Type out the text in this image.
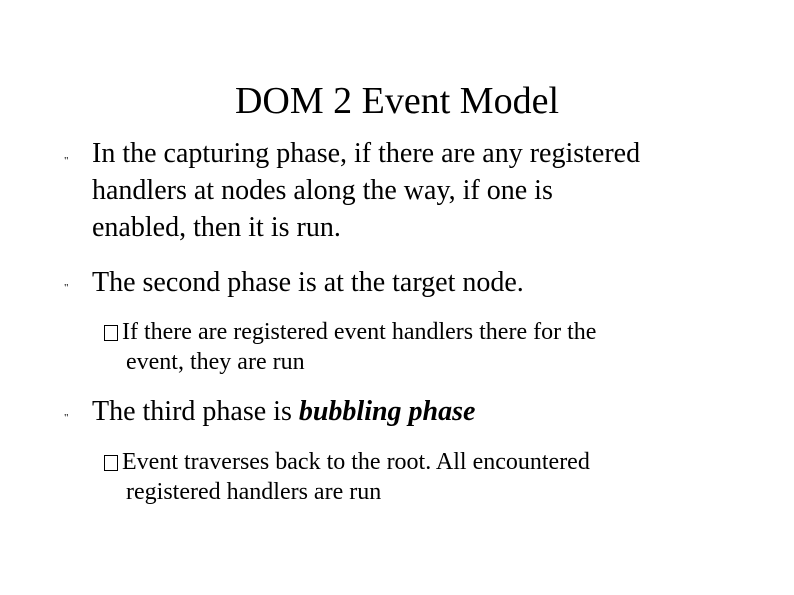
DOM 2 Event Model
" In the capturing phase, if there are any registered
handlers at nodes along the way, if one is
enabled, then it is run.
" The second phase is at the target node.
If there are registered event handlers there for the
event, they are run
" The third phase is bubbling phase
Event traverses back to the root. All encountered
registered handlers are run
